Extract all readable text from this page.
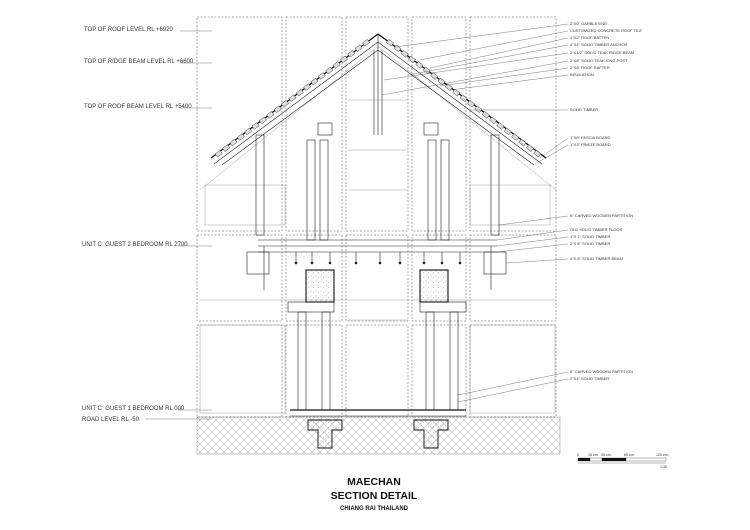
TOP OF ROOF LEVEL RL +6920
TOP OF RIDGE BEAM LEVEL RL +6600
TOP OF ROOF BEAM LEVEL RL +5400
UNIT C: GUEST 2 BEDROOM RL 2700
UNIT C: GUEST 1 BEDROOM RL 000
ROAD LEVEL RL -50
2"X6" GARBLE END
CUSTOMIZED CONCRETE ROOF TILE
1"X2" ROOF BATTEN
4"X4" SOLID TIMBER ANCHOR
2"X1/2" SOLID TEAK RIDGE BEAM
2"X8" SOLID TEAK KING POST
2"X8" ROOF RAFTER
INSULATION
SOLID TIMBER
1"X8" FASCIA BOARD
1"X3" FRIEZE BOARD
6" CARVED WOODEN PARTITION
OLD SOLID TIMBER FLOOR
1"X 1" SOLID TIMBER
2"X 8" SOLID TIMBER
4"X 8" SOLID TIMBER BEAM
6" CARVED WOODEN PARTITION
2"X4" SOLID TIMBER
0	15 cm. 30 cm.	60 cm.	120 cm.
1:30
MAECHAN
SECTION DETAIL
CHIANG RAI THAILAND
